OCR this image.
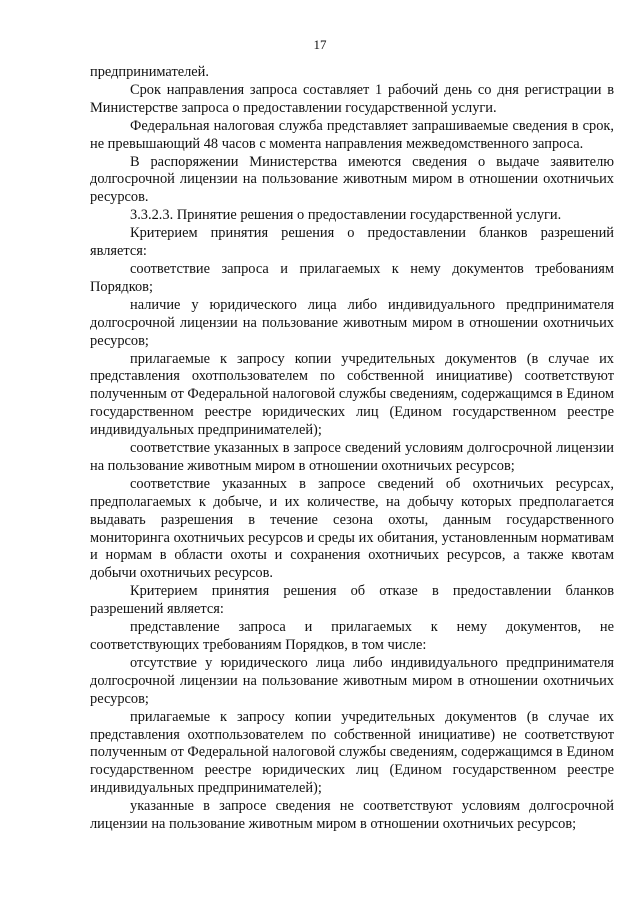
17

предпринимателей.

Срок направления запроса составляет 1 рабочий день со дня регистрации в Министерстве запроса о предоставлении государственной услуги.

Федеральная налоговая служба представляет запрашиваемые сведения в срок, не превышающий 48 часов с момента направления межведомственного запроса.

В распоряжении Министерства имеются сведения о выдаче заявителю долгосрочной лицензии на пользование животным миром в отношении охотничьих ресурсов.

3.3.2.3. Принятие решения о предоставлении государственной услуги.

Критерием принятия решения о предоставлении бланков разрешений является:

соответствие запроса и прилагаемых к нему документов требованиям Порядков;

наличие у юридического лица либо индивидуального предпринимателя долгосрочной лицензии на пользование животным миром в отношении охотничьих ресурсов;

прилагаемые к запросу копии учредительных документов (в случае их представления охотпользователем по собственной инициативе) соответствуют полученным от Федеральной налоговой службы сведениям, содержащимся в Едином государственном реестре юридических лиц (Едином государственном реестре индивидуальных предпринимателей);

соответствие указанных в запросе сведений условиям долгосрочной лицензии на пользование животным миром в отношении охотничьих ресурсов;

соответствие указанных в запросе сведений об охотничьих ресурсах, предполагаемых к добыче, и их количестве, на добычу которых предполагается выдавать разрешения в течение сезона охоты, данным государственного мониторинга охотничьих ресурсов и среды их обитания, установленным нормативам и нормам в области охоты и сохранения охотничьих ресурсов, а также квотам добычи охотничьих ресурсов.

Критерием принятия решения об отказе в предоставлении бланков разрешений является:

представление запроса и прилагаемых к нему документов, не соответствующих требованиям Порядков, в том числе:

отсутствие у юридического лица либо индивидуального предпринимателя долгосрочной лицензии на пользование животным миром в отношении охотничьих ресурсов;

прилагаемые к запросу копии учредительных документов (в случае их представления охотпользователем по собственной инициативе) не соответствуют полученным от Федеральной налоговой службы сведениям, содержащимся в Едином государственном реестре юридических лиц (Едином государственном реестре индивидуальных предпринимателей);

указанные в запросе сведения не соответствуют условиям долгосрочной лицензии на пользование животным миром в отношении охотничьих ресурсов;
